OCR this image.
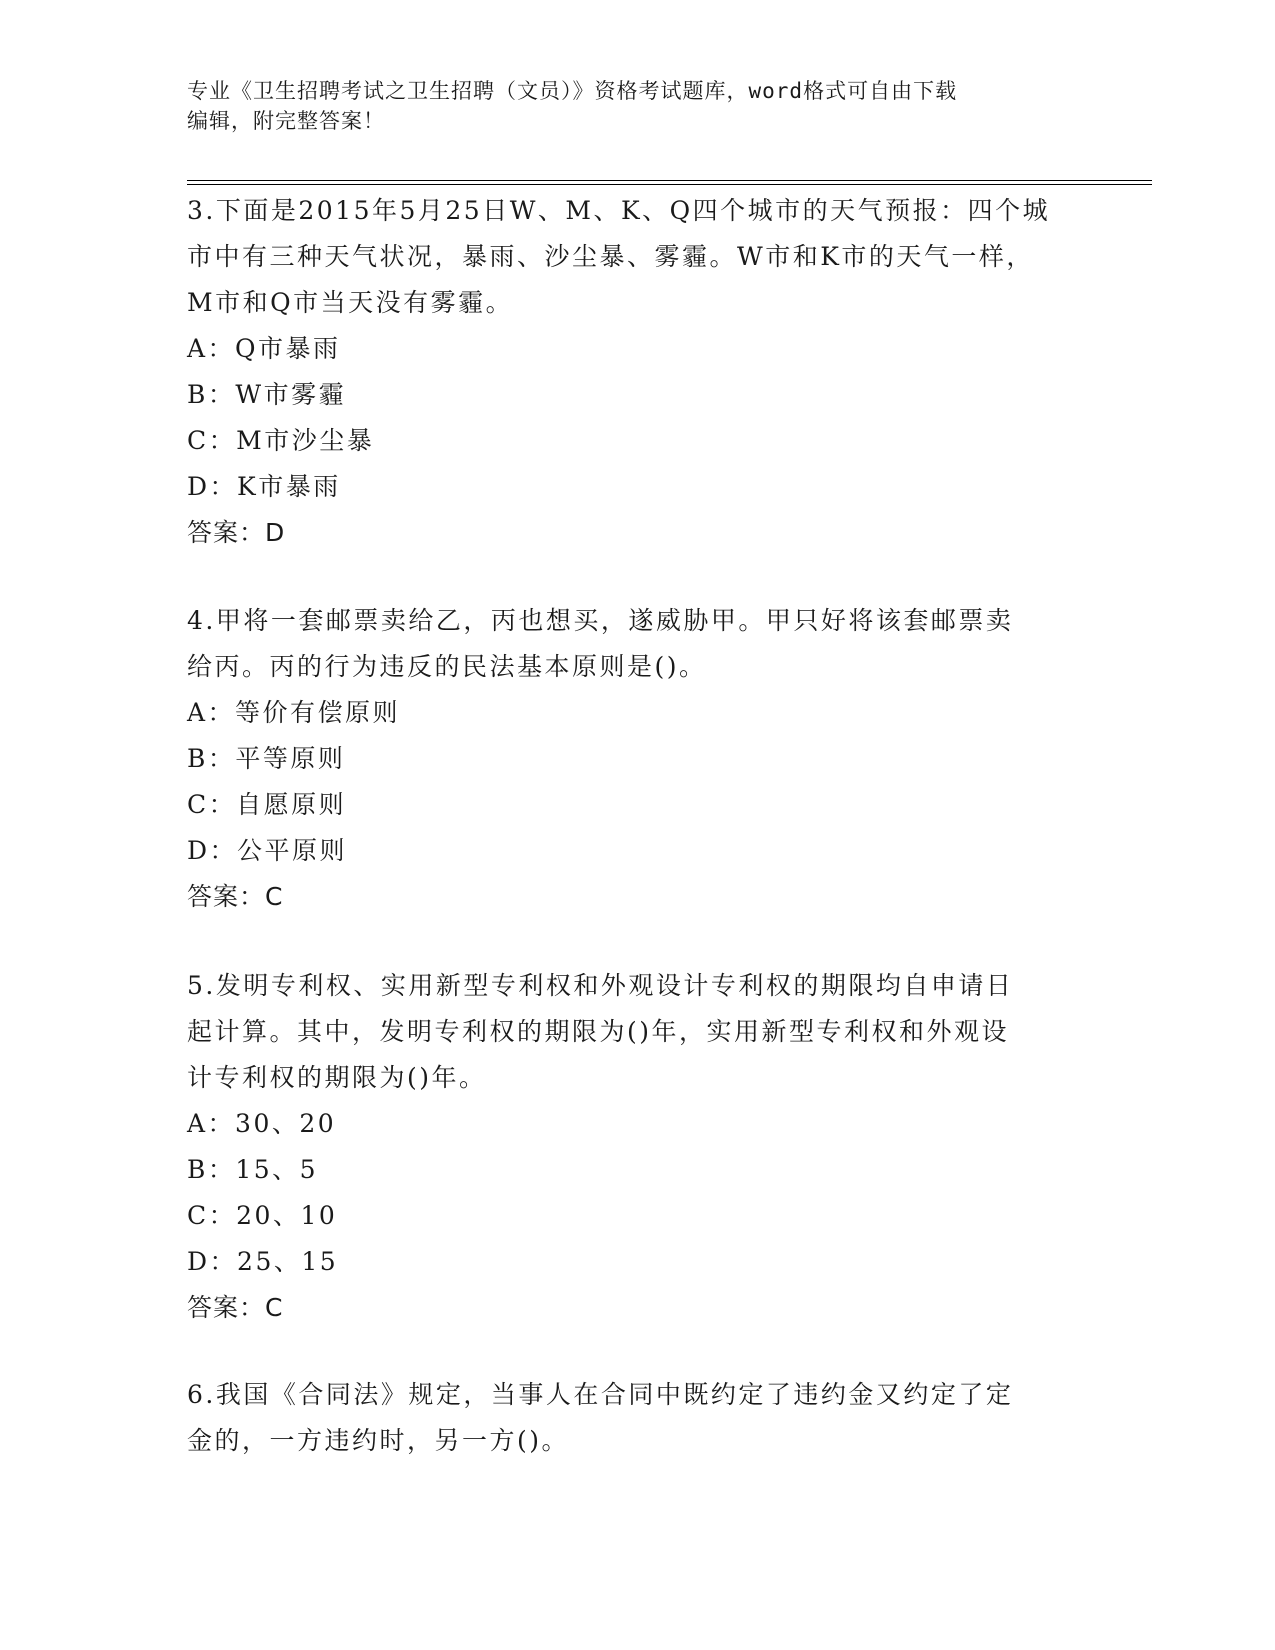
专业《卫生招聘考试之卫生招聘（文员）》资格考试题库，word格式可自由下载
编辑，附完整答案！

3.下面是2015年5月25日W、M、K、Q四个城市的天气预报：四个城

市中有三种天气状况，暴雨、沙尘暴、雾霾。W市和K市的天气一样，

M市和Q市当天没有雾霾。

A：Q市暴雨

B：W市雾霾

C：M市沙尘暴

D：K市暴雨

答案：D

4.甲将一套邮票卖给乙，丙也想买，遂威胁甲。甲只好将该套邮票卖

给丙。丙的行为违反的民法基本原则是()。

A：等价有偿原则

B：平等原则

C：自愿原则

D：公平原则

答案：C

5.发明专利权、实用新型专利权和外观设计专利权的期限均自申请日

起计算。其中，发明专利权的期限为()年，实用新型专利权和外观设

计专利权的期限为()年。

A：30、20

B：15、5

C：20、10

D：25、15

答案：C

6.我国《合同法》规定，当事人在合同中既约定了违约金又约定了定

金的，一方违约时，另一方()。
